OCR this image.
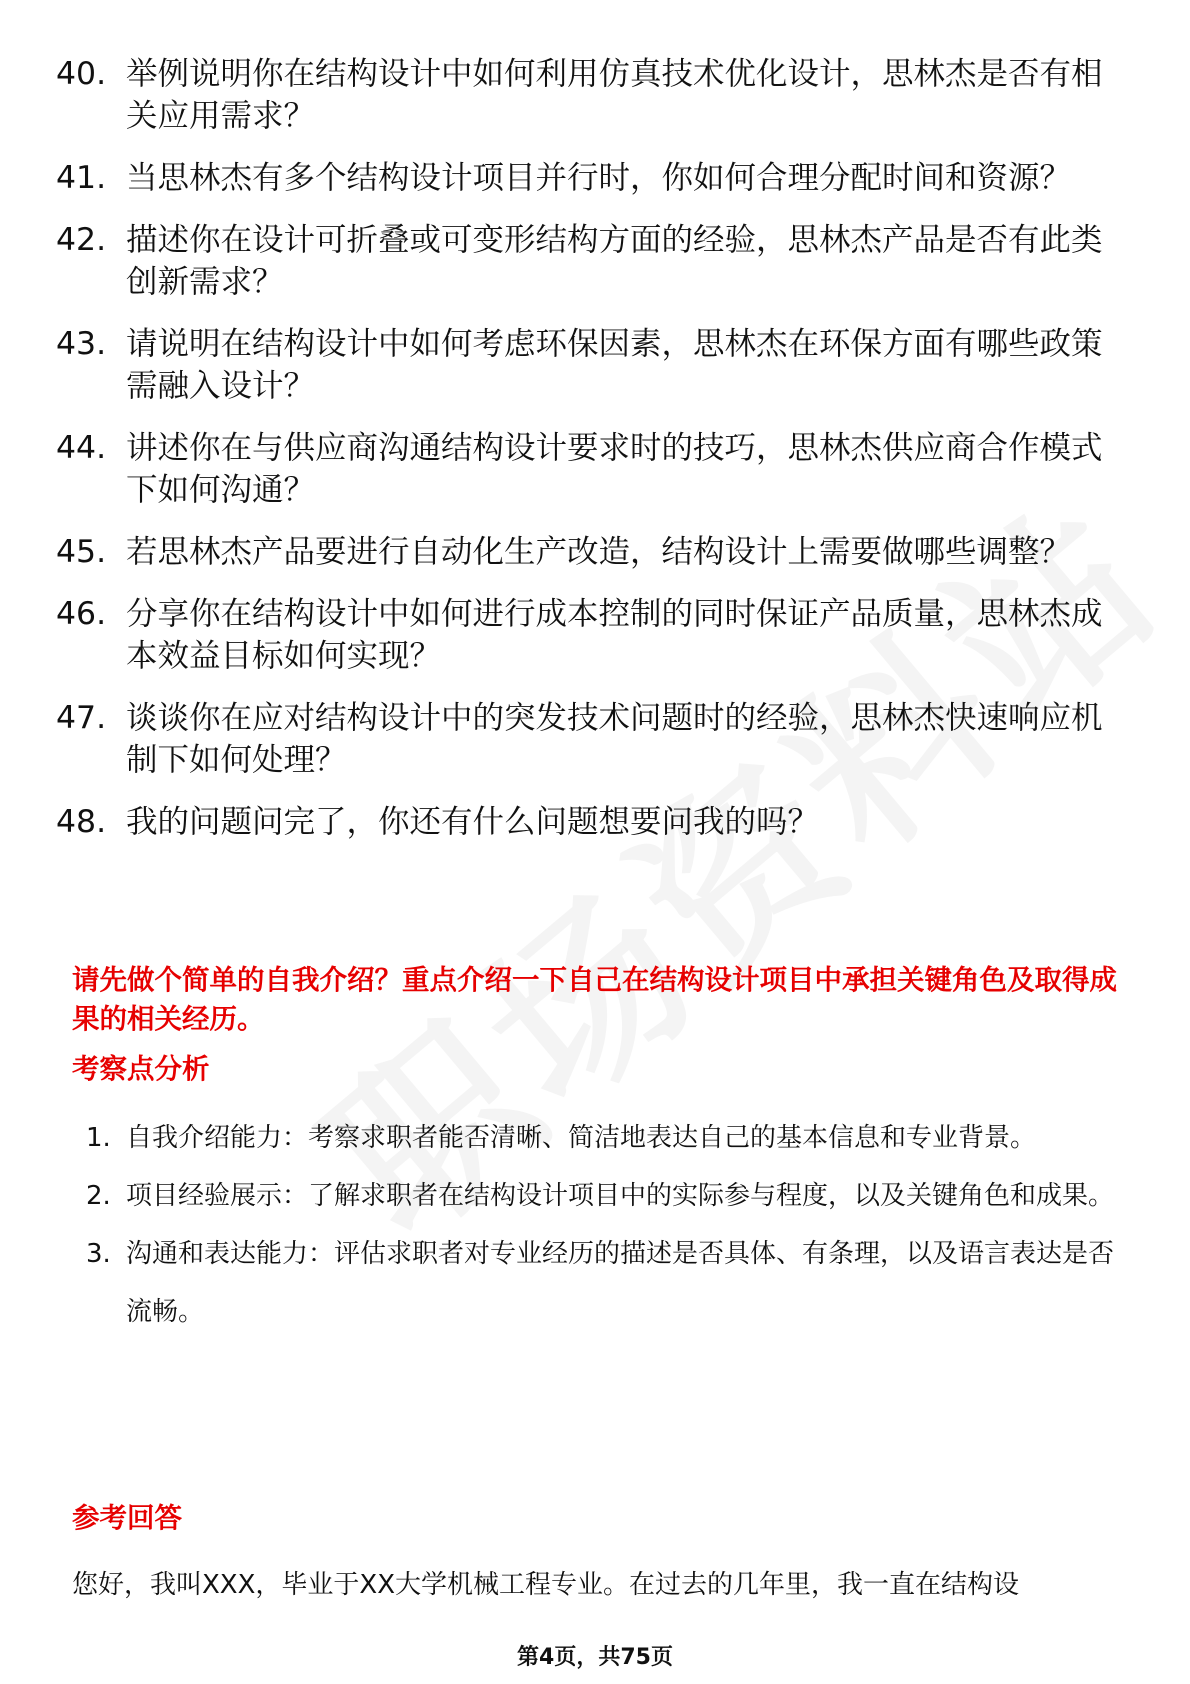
40. 举例说明你在结构设计中如何利用仿真技术优化设计，思林杰是否有相关应用需求？
41. 当思林杰有多个结构设计项目并行时，你如何合理分配时间和资源？
42. 描述你在设计可折叠或可变形结构方面的经验，思林杰产品是否有此类创新需求？
43. 请说明在结构设计中如何考虑环保因素，思林杰在环保方面有哪些政策需融入设计？
44. 讲述你在与供应商沟通结构设计要求时的技巧，思林杰供应商合作模式下如何沟通？
45. 若思林杰产品要进行自动化生产改造，结构设计上需要做哪些调整？
46. 分享你在结构设计中如何进行成本控制的同时保证产品质量，思林杰成本效益目标如何实现？
47. 谈谈你在应对结构设计中的突发技术问题时的经验，思林杰快速响应机制下如何处理？
48. 我的问题问完了，你还有什么问题想要问我的吗？

请先做个简单的自我介绍？重点介绍一下自己在结构设计项目中承担关键角色及取得成果的相关经历。

考察点分析
1. 自我介绍能力：考察求职者能否清晰、简洁地表达自己的基本信息和专业背景。
2. 项目经验展示：了解求职者在结构设计项目中的实际参与程度，以及关键角色和成果。
3. 沟通和表达能力：评估求职者对专业经历的描述是否具体、有条理，以及语言表达是否流畅。
参考回答

您好，我叫XXX，毕业于XX大学机械工程专业。在过去的几年里，我一直在结构设

第4页，共75页
